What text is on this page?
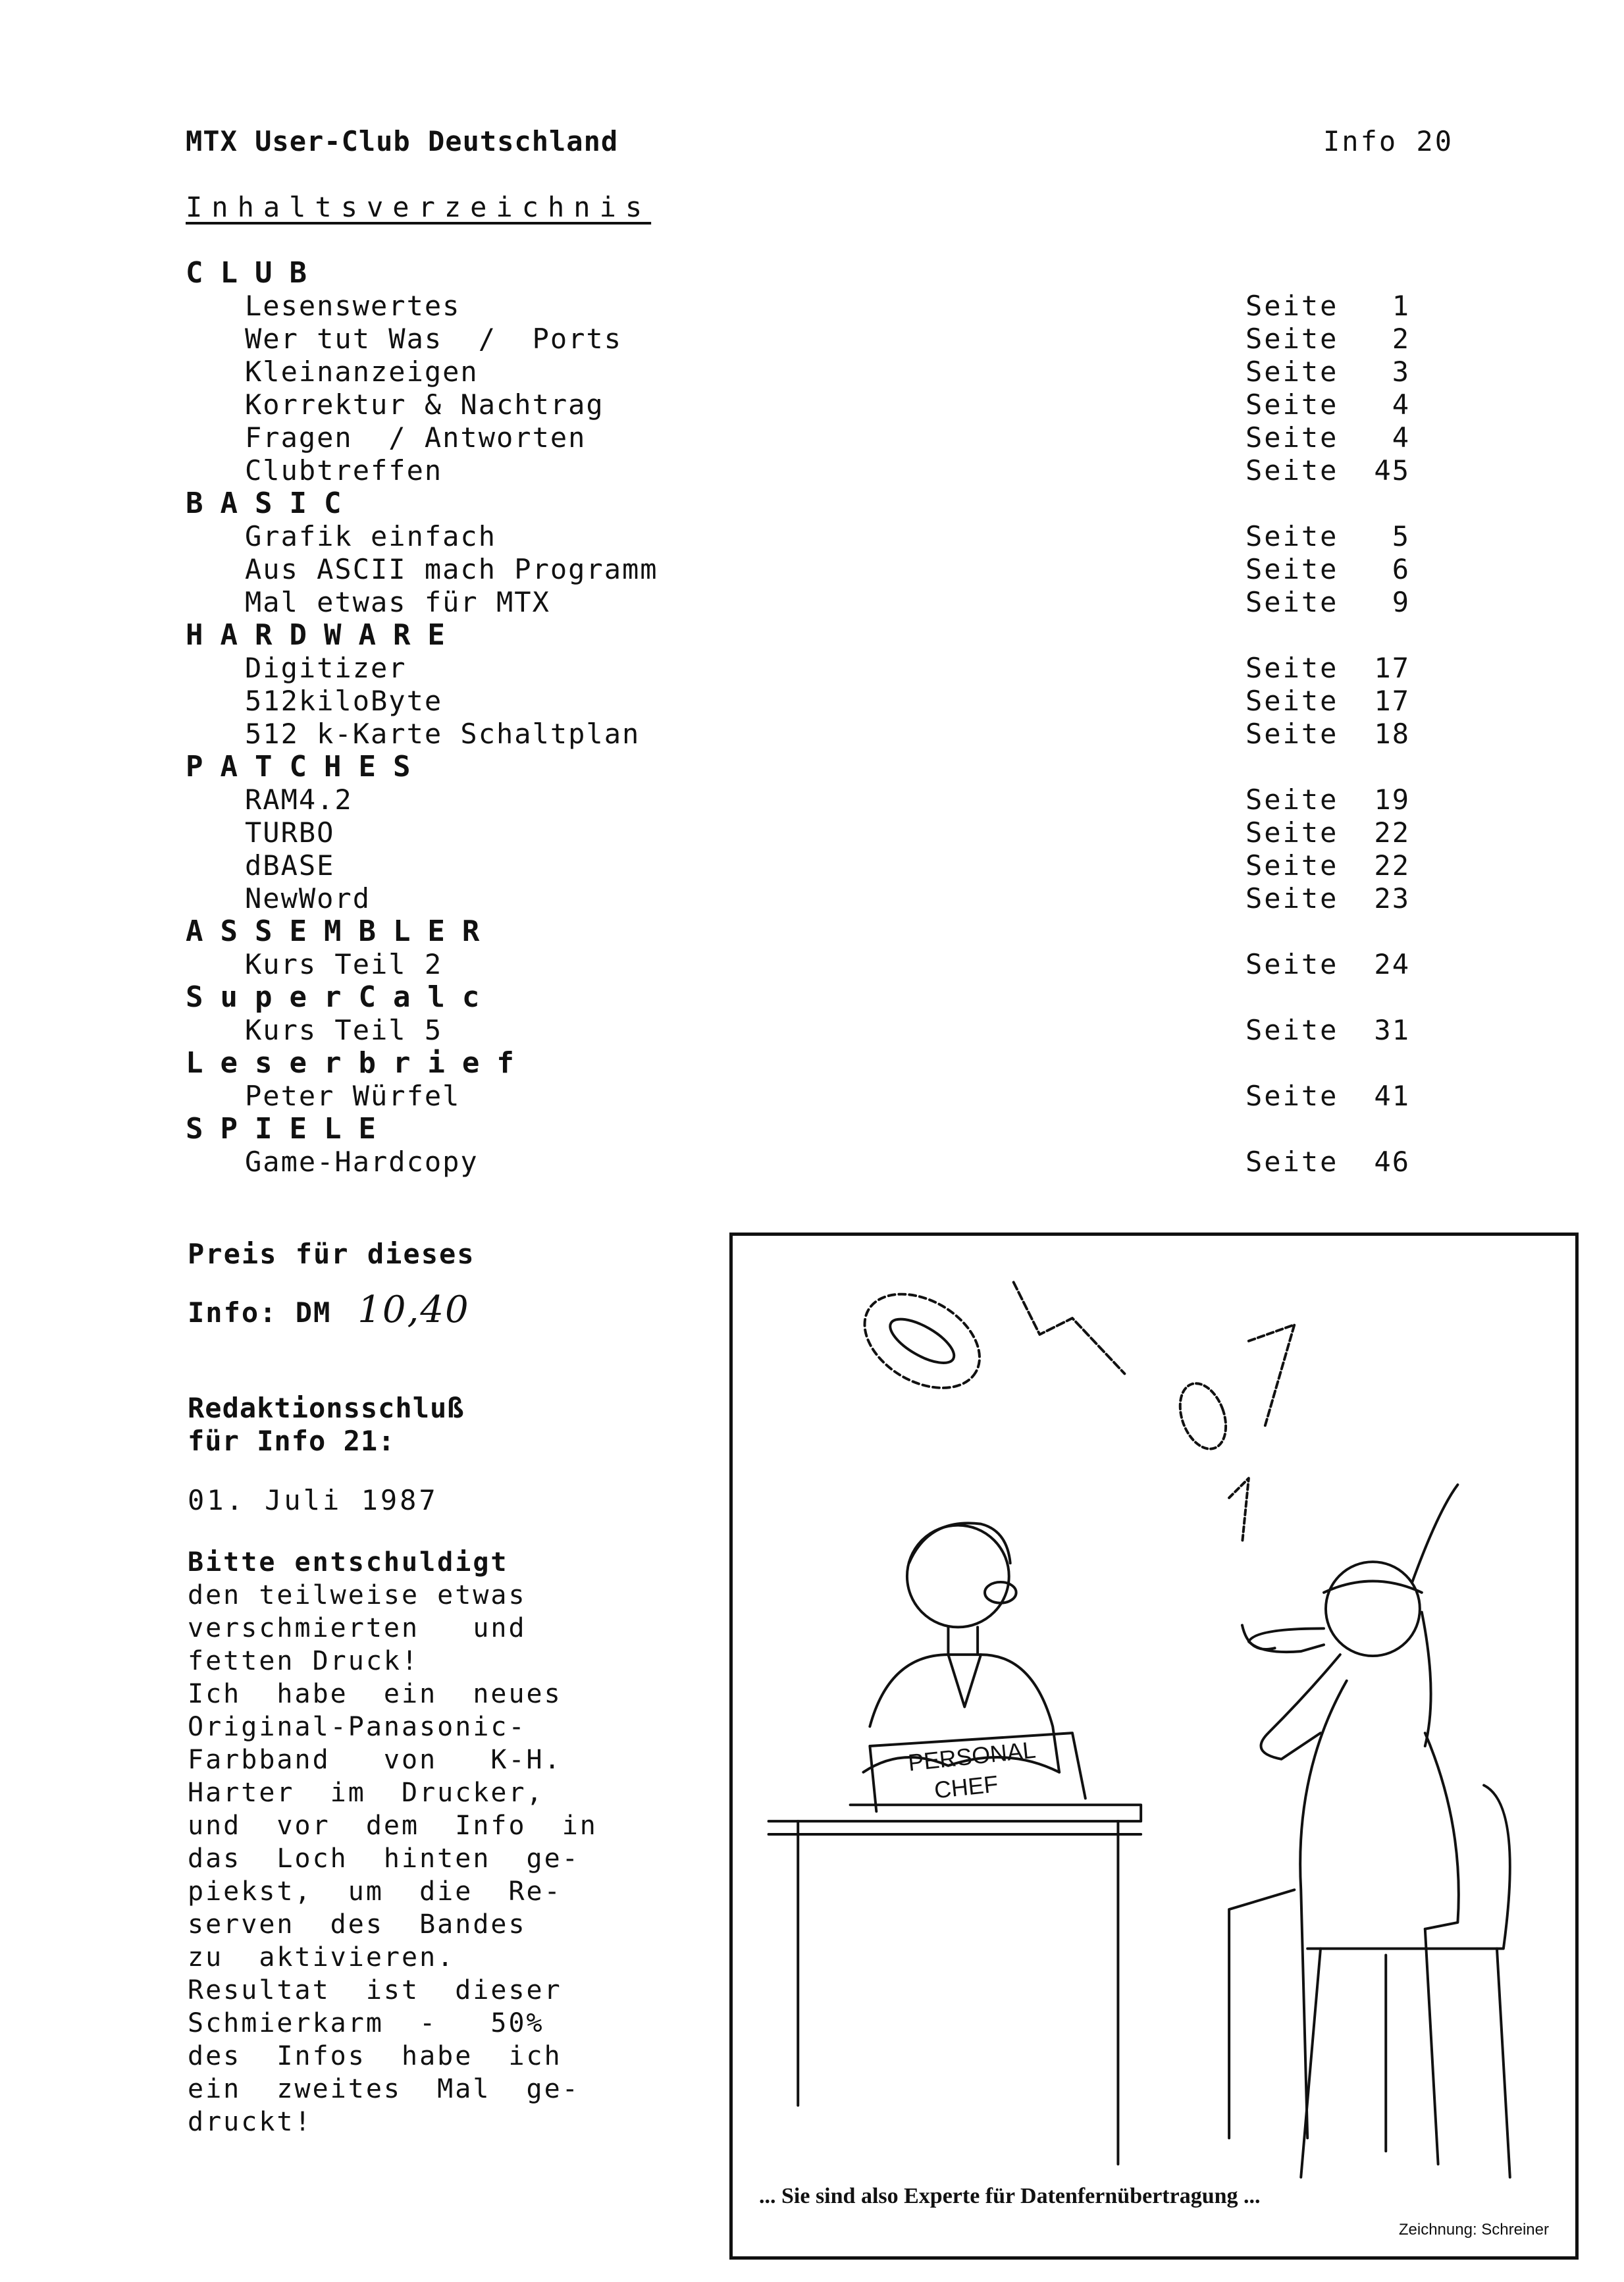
MTX User-Club Deutschland	Info 20
Inhaltsverzeichnis
CLUB
Lesenswertes	Seite	1
Wer tut Was  /  Ports	Seite	2
Kleinanzeigen	Seite	3
Korrektur & Nachtrag	Seite	4
Fragen  / Antworten	Seite	4
Clubtreffen	Seite	45
BASIC
Grafik einfach	Seite	5
Aus ASCII mach Programm	Seite	6
Mal etwas für MTX	Seite	9
HARDWARE
Digitizer	Seite	17
512kiloByte	Seite	17
512 k-Karte Schaltplan	Seite	18
PATCHES
RAM4.2	Seite	19
TURBO	Seite	22
dBASE	Seite	22
NewWord	Seite	23
ASSEMBLER
Kurs Teil 2	Seite	24
SuperCalc
Kurs Teil 5	Seite	31
Leserbrief
Peter Würfel	Seite	41
SPIELE
Game-Hardcopy	Seite	46
Preis für dieses
Info: DM 10,40
Redaktionsschluß
für Info 21:
01. Juli 1987
Bitte entschuldigt
den teilweise etwas
verschmierten   und
fetten Druck!
Ich  habe  ein  neues
Original-Panasonic-
Farbband   von   K-H.
Harter  im  Drucker,
und  vor  dem  Info  in
das  Loch  hinten  ge-
piekst,  um  die  Re-
serven  des  Bandes
zu  aktivieren.
Resultat  ist  dieser
Schmierkarm  -   50%
des  Infos  habe  ich
ein  zweites  Mal  ge-
druckt!
PERSONAL
CHEF
... Sie sind also Experte für Datenfernübertragung ...
Zeichnung: Schreiner
